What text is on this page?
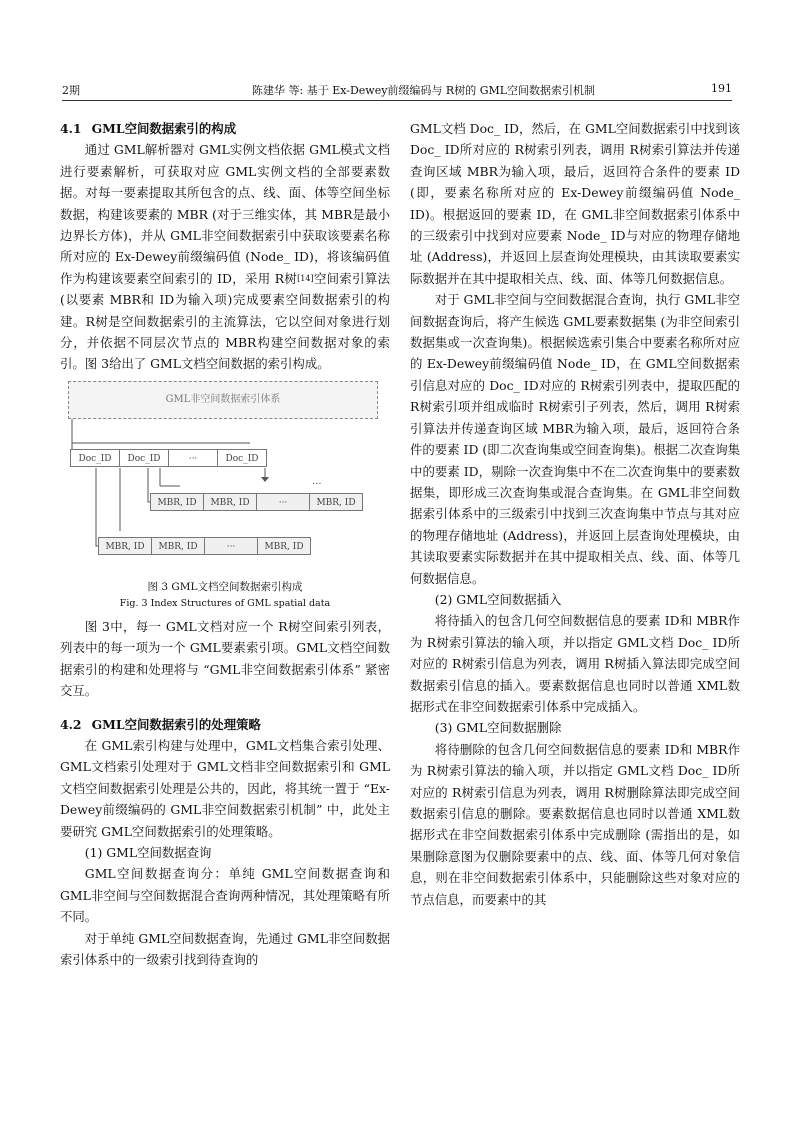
2期	陈建华 等: 基于 Ex-Dewey前缀编码与 R树的 GML空间数据索引机制	191
4.1 GML空间数据索引的构成

通过 GML解析器对 GML实例文档依据 GML模式文档进行要素解析，可获取对应 GML实例文档的全部要素数据。对每一要素提取其所包含的点、线、面、体等空间坐标数据，构建该要素的 MBR (对于三维实体，其 MBR是最小边界长方体)，并从 GML非空间数据索引中获取该要素名称所对应的 Ex-Dewey前缀编码值 (Node_ ID)，将该编码值作为构建该要素空间索引的 ID，采用 R树[14]空间索引算法 (以要素 MBR和 ID为输入项)完成要素空间数据索引的构建。R树是空间数据索引的主流算法，它以空间对象进行划分，并依据不同层次节点的 MBR构建空间数据对象的索引。图 3给出了 GML文档空间数据的索引构成。

GML非空间数据索引体系
Doc_ID	Doc_ID	···	Doc_ID
···
MBR, ID	MBR, ID	···	MBR, ID
MBR, ID	MBR, ID	···	MBR, ID

图 3 GML文档空间数据索引构成

Fig. 3 Index Structures of GML spatial data

图 3中，每一 GML文档对应一个 R树空间索引列表，列表中的每一项为一个 GML要素索引项。GML文档空间数据索引的构建和处理将与 “GML非空间数据索引体系” 紧密交互。

4.2 GML空间数据索引的处理策略

在 GML索引构建与处理中，GML文档集合索引处理、GML文档索引处理对于 GML文档非空间数据索引和 GML文档空间数据索引处理是公共的，因此，将其统一置于 “Ex-Dewey前缀编码的 GML非空间数据索引机制” 中，此处主要研究 GML空间数据索引的处理策略。

(1) GML空间数据查询

GML空间数据查询分：单纯 GML空间数据查询和 GML非空间与空间数据混合查询两种情况，其处理策略有所不同。

对于单纯 GML空间数据查询，先通过 GML非空间数据索引体系中的一级索引找到待查询的

GML文档 Doc_ ID，然后，在 GML空间数据索引中找到该 Doc_ ID所对应的 R树索引列表，调用 R树索引算法并传递查询区域 MBR为输入项，最后，返回符合条件的要素 ID (即，要素名称所对应的 Ex-Dewey前缀编码值 Node_ ID)。根据返回的要素 ID，在 GML非空间数据索引体系中的三级索引中找到对应要素 Node_ ID与对应的物理存储地址 (Address)，并返回上层查询处理模块，由其读取要素实际数据并在其中提取相关点、线、面、体等几何数据信息。

对于 GML非空间与空间数据混合查询，执行 GML非空间数据查询后，将产生候选 GML要素数据集 (为非空间索引数据集或一次查询集)。根据候选索引集合中要素名称所对应的 Ex-Dewey前缀编码值 Node_ ID，在 GML空间数据索引信息对应的 Doc_ ID对应的 R树索引列表中，提取匹配的 R树索引项并组成临时 R树索引子列表，然后，调用 R树索引算法并传递查询区域 MBR为输入项，最后，返回符合条件的要素 ID (即二次查询集或空间查询集)。根据二次查询集中的要素 ID，剔除一次查询集中不在二次查询集中的要素数据集，即形成三次查询集或混合查询集。在 GML非空间数据索引体系中的三级索引中找到三次查询集中节点与其对应的物理存储地址 (Address)，并返回上层查询处理模块，由其读取要素实际数据并在其中提取相关点、线、面、体等几何数据信息。

(2) GML空间数据插入

将待插入的包含几何空间数据信息的要素 ID和 MBR作为 R树索引算法的输入项，并以指定 GML文档 Doc_ ID所对应的 R树索引信息为列表，调用 R树插入算法即完成空间数据索引信息的插入。要素数据信息也同时以普通 XML数据形式在非空间数据索引体系中完成插入。

(3) GML空间数据删除

将待删除的包含几何空间数据信息的要素 ID和 MBR作为 R树索引算法的输入项，并以指定 GML文档 Doc_ ID所对应的 R树索引信息为列表，调用 R树删除算法即完成空间数据索引信息的删除。要素数据信息也同时以普通 XML数据形式在非空间数据索引体系中完成删除 (需指出的是，如果删除意图为仅删除要素中的点、线、面、体等几何对象信息，则在非空间数据索引体系中，只能删除这些对象对应的节点信息，而要素中的其
